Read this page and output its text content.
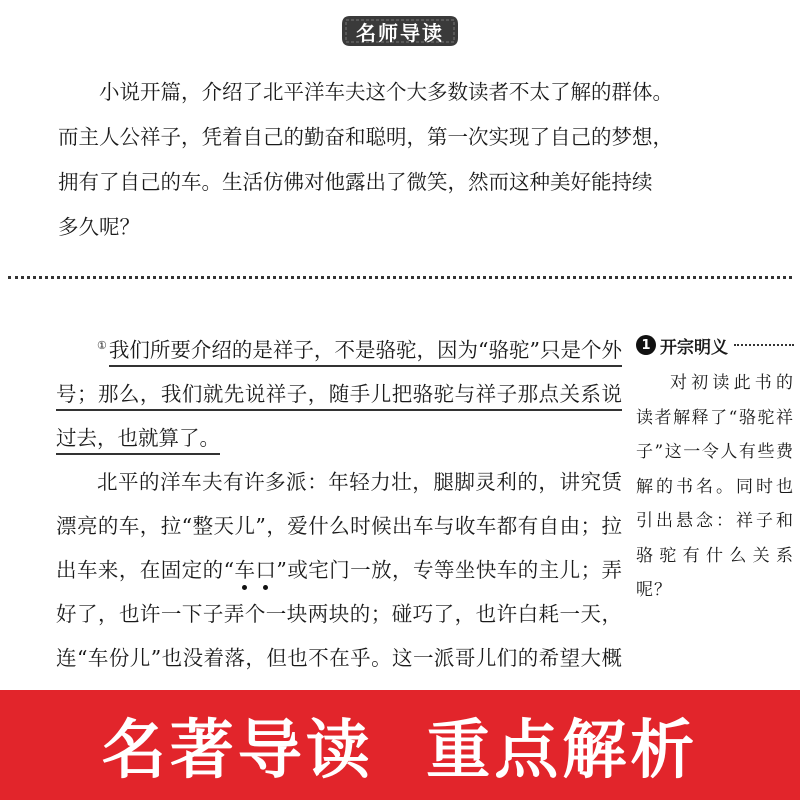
名师导读

小说开篇，介绍了北平洋车夫这个大多数读者不太了解的群体。

而主人公祥子，凭着自己的勤奋和聪明，第一次实现了自己的梦想，

拥有了自己的车。生活仿佛对他露出了微笑，然而这种美好能持续

多久呢？

①我们所要介绍的是祥子，不是骆驼，因为“骆驼”只是个外号；那么，我们就先说祥子，随手儿把骆驼与祥子那点关系说过去，也就算了。

北平的洋车夫有许多派：年轻力壮，腿脚灵利的，讲究赁漂亮的车，拉“整天儿”，爱什么时候出车与收车都有自由；拉出车来，在固定的“车口”或宅门一放，专等坐快车的主儿；弄好了，也许一下子弄个一块两块的；碰巧了，也许白耗一天，连“车份儿”也没着落，但也不在乎。这一派哥儿们的希望大概

1 开宗明义
对初读此书的读者解释了“骆驼祥子”这一令人有些费解的书名。同时也引出悬念：祥子和骆驼有什么关系呢？
名著导读  重点解析
